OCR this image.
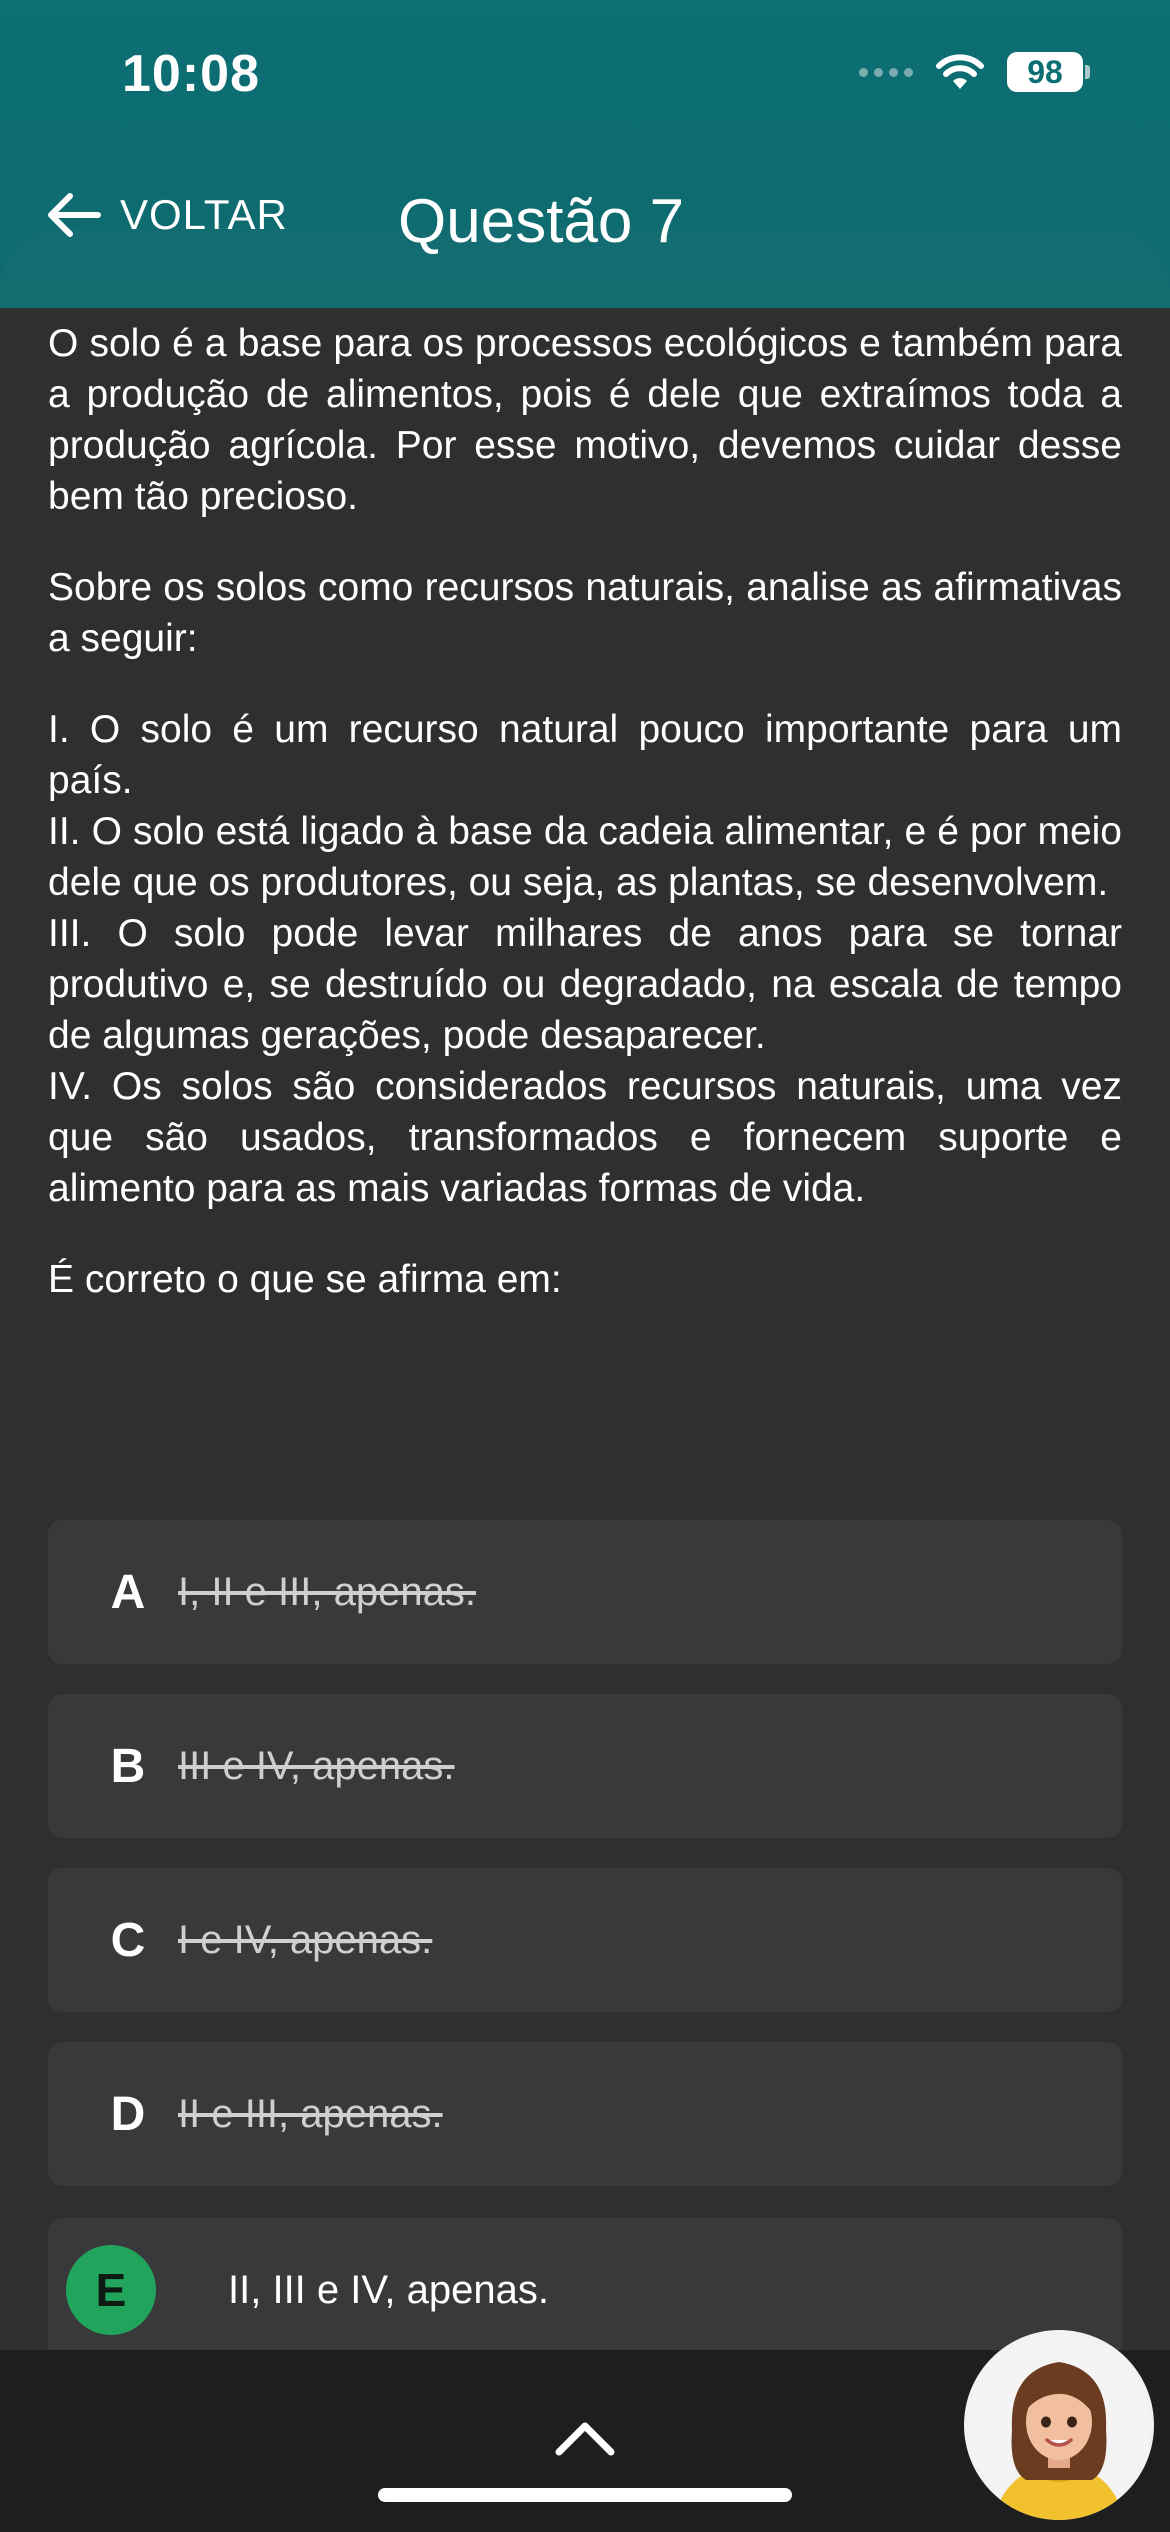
10:08	98
VOLTAR Questão 7

O solo é a base para os processos ecológicos e também para a produção de alimentos, pois é dele que extraímos toda a produção agrícola. Por esse motivo, devemos cuidar desse bem tão precioso.

Sobre os solos como recursos naturais, analise as afirmativas a seguir:

I. O solo é um recurso natural pouco importante para um país.

II. O solo está ligado à base da cadeia alimentar, e é por meio dele que os produtores, ou seja, as plantas, se desenvolvem.

III. O solo pode levar milhares de anos para se tornar produtivo e, se destruído ou degradado, na escala de tempo de algumas gerações, pode desaparecer.

IV. Os solos são considerados recursos naturais, uma vez que são usados, transformados e fornecem suporte e alimento para as mais variadas formas de vida.

É correto o que se afirma em:

A I, II e III, apenas.
B III e IV, apenas.
C I e IV, apenas.
D II e III, apenas.
E	II, III e IV, apenas.
